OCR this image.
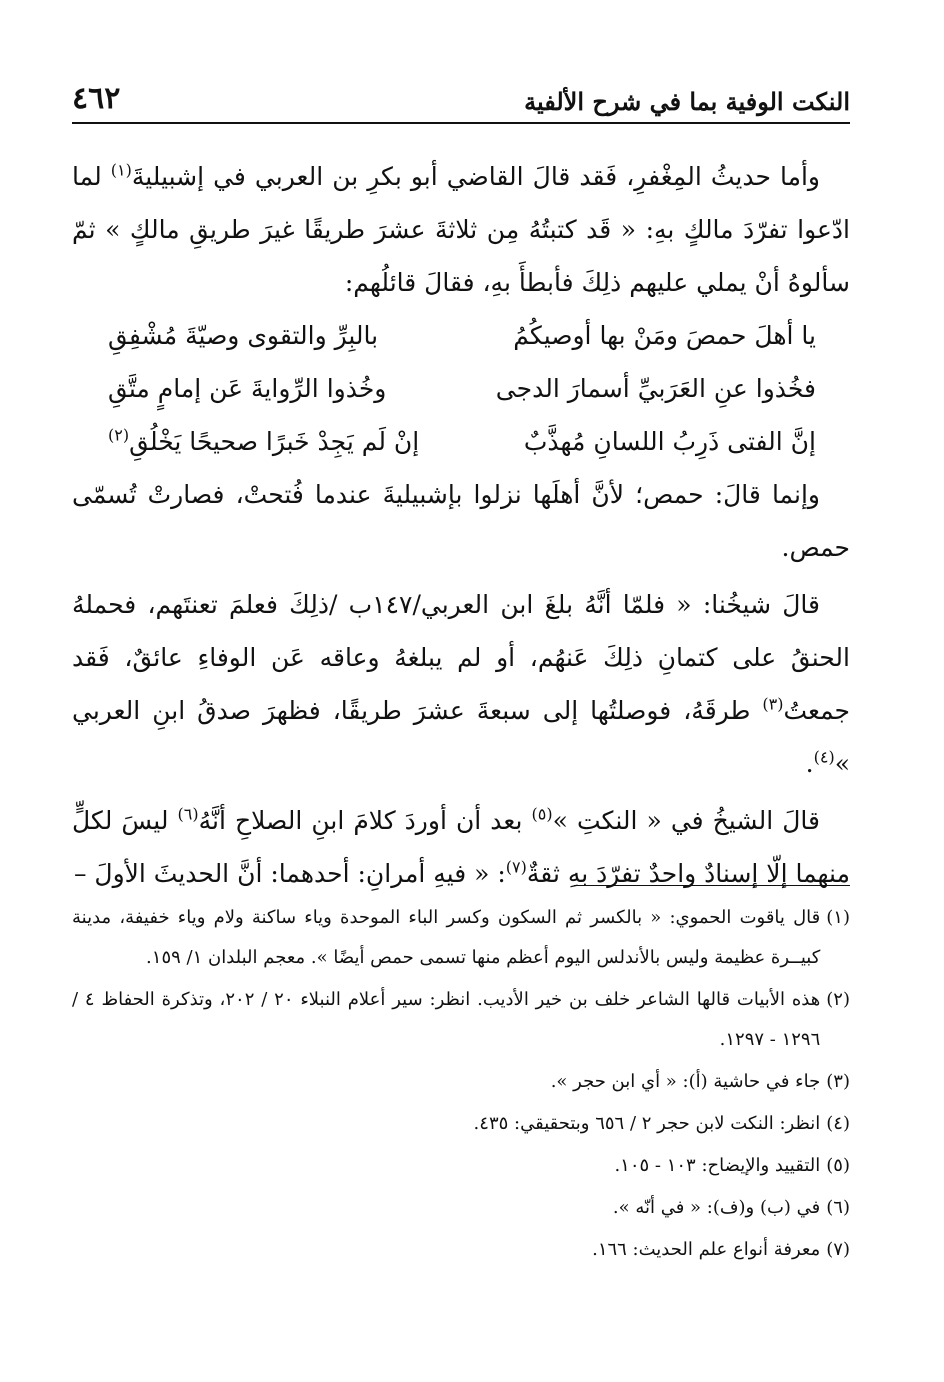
النكت الوفية بما في شرح الألفية
٤٦٢

وأما حديثُ المِغْفرِ، فَقد قالَ القاضي أبو بكرِ بن العربي في إشبيليةَ$^{(١)}$ لما ادّعوا تفرّدَ مالكٍ بهِ: « قَد كتبتُهُ مِن ثلاثةَ عشرَ طريقًا غيرَ طريقِ مالكٍ » ثمّ سألوهُ أنْ يملي عليهم ذلِكَ فأبطأَ بهِ، فقالَ قائلُهم:

يا أهلَ حمصَ ومَنْ بها أوصيكُمُ
بالبِرِّ والتقوى وصيّةَ مُشْفِقِ
فخُذوا عنِ العَرَبيِّ أسمارَ الدجى
وخُذوا الرِّوايةَ عَن إمامٍ متَّقِ
إنَّ الفتى ذَرِبُ اللسانِ مُهذَّبٌ
إنْ لَم يَجِدْ خَبرًا صحيحًا يَخْلُقِ$^{(٢)}$

وإنما قالَ: حمص؛ لأنَّ أهلَها نزلوا بإشبيليةَ عندما فُتحتْ، فصارتْ تُسمّى حمص.

قالَ شيخُنا: « فلمّا أنَّهُ بلغَ ابن العربي/١٤٧ب /ذلِكَ فعلمَ تعنتَهم، فحملهُ الحنقُ على كتمانِ ذلِكَ عَنهُم، أو لم يبلغهُ وعاقه عَن الوفاءِ عائقٌ، فَقد جمعتُ$^{(٣)}$ طرقَهُ، فوصلتُها إلى سبعةَ عشرَ طريقًا، فظهرَ صدقُ ابنِ العربي »$^{(٤)}$.

قالَ الشيخُ في « النكتِ »$^{(٥)}$ بعد أن أوردَ كلامَ ابنِ الصلاحِ أنَّهُ$^{(٦)}$ ليسَ لكلٍّ منهما إلّا إسنادٌ واحدٌ تفرّدَ بهِ ثقةٌ$^{(٧)}$: « فيهِ أمرانِ: أحدهما: أنَّ الحديثَ الأولَ –

(١)
قال ياقوت الحموي: « بالكسر ثم السكون وكسر الباء الموحدة وياء ساكنة ولام وياء خفيفة، مدينة كبيــرة عظيمة وليس بالأندلس اليوم أعظم منها تسمى حمص أيضًا ». معجم البلدان ١/ ١٥٩.
(٢)
هذه الأبيات قالها الشاعر خلف بن خير الأديب. انظر: سير أعلام النبلاء ٢٠ / ٢٠٢، وتذكرة الحفاظ ٤ / ١٢٩٦ - ١٢٩٧.
(٣)
جاء في حاشية (أ): « أي ابن حجر ».
(٤)
انظر: النكت لابن حجر ٢ / ٦٥٦ وبتحقيقي: ٤٣٥.
(٥)
التقييد والإيضاح: ١٠٣ - ١٠٥.
(٦)
في (ب) و(ف): « في أنّه ».
(٧)
معرفة أنواع علم الحديث: ١٦٦.
